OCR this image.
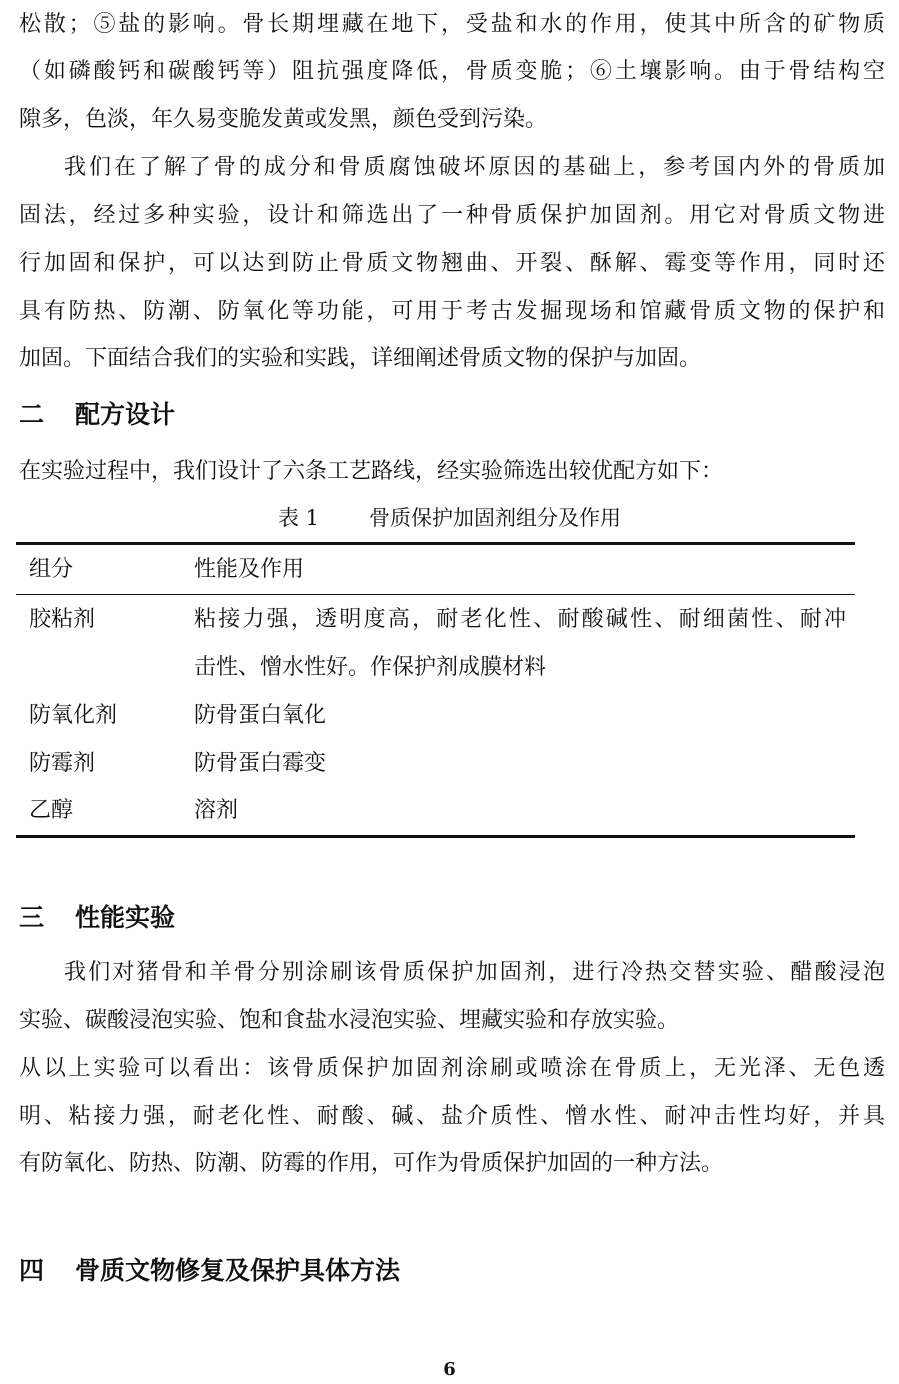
松散；⑤盐的影响。骨长期埋藏在地下，受盐和水的作用，使其中所含的矿物质
（如磷酸钙和碳酸钙等）阻抗强度降低，骨质变脆；⑥土壤影响。由于骨结构空
隙多，色淡，年久易变脆发黄或发黑，颜色受到污染。
我们在了解了骨的成分和骨质腐蚀破坏原因的基础上，参考国内外的骨质加
固法，经过多种实验，设计和筛选出了一种骨质保护加固剂。用它对骨质文物进
行加固和保护，可以达到防止骨质文物翘曲、开裂、酥解、霉变等作用，同时还
具有防热、防潮、防氧化等功能，可用于考古发掘现场和馆藏骨质文物的保护和
加固。下面结合我们的实验和实践，详细阐述骨质文物的保护与加固。
二 配方设计
在实验过程中，我们设计了六条工艺路线，经实验筛选出较优配方如下：
表 1 骨质保护加固剂组分及作用
组分	性能及作用
胶粘剂	粘接力强，透明度高，耐老化性、耐酸碱性、耐细菌性、耐冲
击性、憎水性好。作保护剂成膜材料
防氧化剂	防骨蛋白氧化
防霉剂	防骨蛋白霉变
乙醇	溶剂
三 性能实验
我们对猪骨和羊骨分别涂刷该骨质保护加固剂，进行冷热交替实验、醋酸浸泡
实验、碳酸浸泡实验、饱和食盐水浸泡实验、埋藏实验和存放实验。
从以上实验可以看出：该骨质保护加固剂涂刷或喷涂在骨质上，无光泽、无色透
明、粘接力强，耐老化性、耐酸、碱、盐介质性、憎水性、耐冲击性均好，并具
有防氧化、防热、防潮、防霉的作用，可作为骨质保护加固的一种方法。
四 骨质文物修复及保护具体方法
6
